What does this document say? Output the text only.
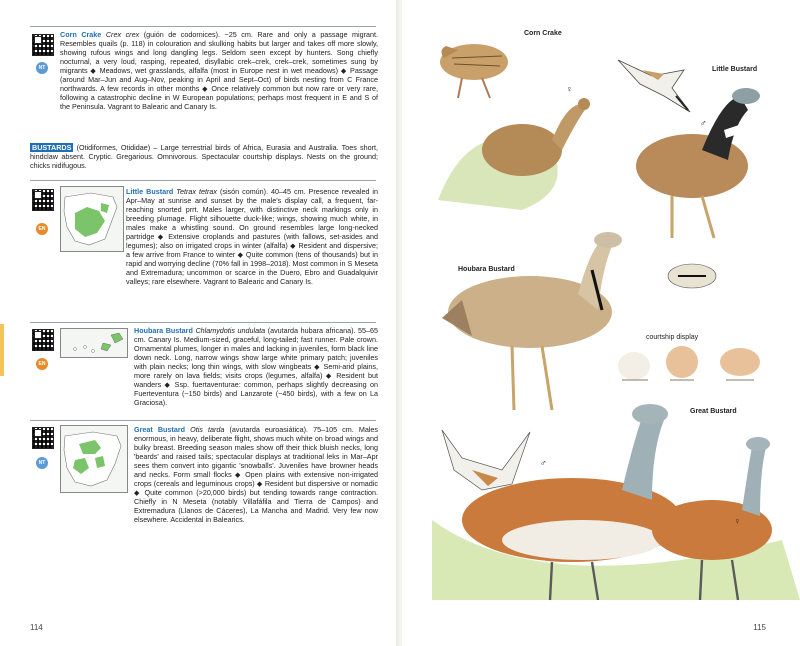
NT
Corn Crake Crex crex (guión de codornices). ~25 cm. Rare and only a passage migrant. Resembles quails (p. 118) in colouration and skulking habits but larger and takes off more slowly, showing rufous wings and long dangling legs. Seldom seen except by hunters. Song chiefly nocturnal, a very loud, rasping, repeated, disyllabic crek–crek, crek–crek, sometimes sung by migrants ◆ Meadows, wet grasslands, alfalfa (most in Europe nest in wet meadows) ◆ Passage (around Mar–Jun and Aug–Nov, peaking in April and Sept–Oct) of birds nesting from C France northwards. A few records in other months ◆ Once relatively common but now rare or very rare, following a catastrophic decline in W European populations; perhaps most frequent in E and S of the Peninsula. Vagrant to Balearic and Canary Is.
BUSTARDS (Otidiformes, Otididae) – Large terrestrial birds of Africa, Eurasia and Australia. Toes short, hindclaw absent. Cryptic. Gregarious. Omnivorous. Spectacular courtship displays. Nests on the ground; chicks nidifugous.
EN
Little Bustard Tetrax tetrax (sisón común). 40–45 cm. Presence revealed in Apr–May at sunrise and sunset by the male's display call, a frequent, far-reaching snorted prrt. Males larger, with distinctive neck markings only in breeding plumage. Flight silhouette duck-like; wings, showing much white, in males make a whistling sound. On ground resembles large long-necked partridge ◆ Extensive croplands and pastures (with fallows, set-asides and legumes); also on irrigated crops in winter (alfalfa) ◆ Resident and dispersive; a few arrive from France to winter ◆ Quite common (tens of thousands) but in rapid and worrying decline (70% fall in 1998–2018). Most common in S Meseta and Extremadura; uncommon or scarce in the Duero, Ebro and Guadalquivir valleys; rare elsewhere. Vagrant to Balearic and Canary Is.
EN
Houbara Bustard Chlamydotis undulata (avutarda hubara africana). 55–65 cm. Canary Is. Medium-sized, graceful, long-tailed; fast runner. Pale crown. Ornamental plumes, longer in males and lacking in juveniles, form black line down neck. Long, narrow wings show large white primary patch; juveniles with plain necks; long thin wings, with slow wingbeats ◆ Semi-arid plains, more rarely on lava fields; visits crops (legumes, alfalfa) ◆ Resident but wanders ◆ Ssp. fuertaventurae: common, perhaps slightly decreasing on Fuerteventura (~150 birds) and Lanzarote (~450 birds), with a few on La Graciosa).
NT
Great Bustard Otis tarda (avutarda euroasiática). 75–105 cm. Males enormous, in heavy, deliberate flight, shows much white on broad wings and bulky breast. Breeding season males show off their thick bluish necks, long 'beards' and raised tails; spectacular displays at traditional leks in Mar–Apr sees them convert into gigantic 'snowballs'. Juveniles have browner heads and necks. Form small flocks ◆ Open plains with extensive non-irrigated crops (cereals and leguminous crops) ◆ Resident but dispersive or nomadic ◆ Quite common (>20,000 birds) but tending towards range contraction. Chiefly in N Meseta (notably Villafáfila and Tierra de Campos) and Extremadura (Llanos de Cáceres), La Mancha and Madrid. Very few now elsewhere. Accidental in Balearics.
114
Corn Crake
Little Bustard
Houbara Bustard
courtship display
Great Bustard
♀
♂
♂
♀
115
